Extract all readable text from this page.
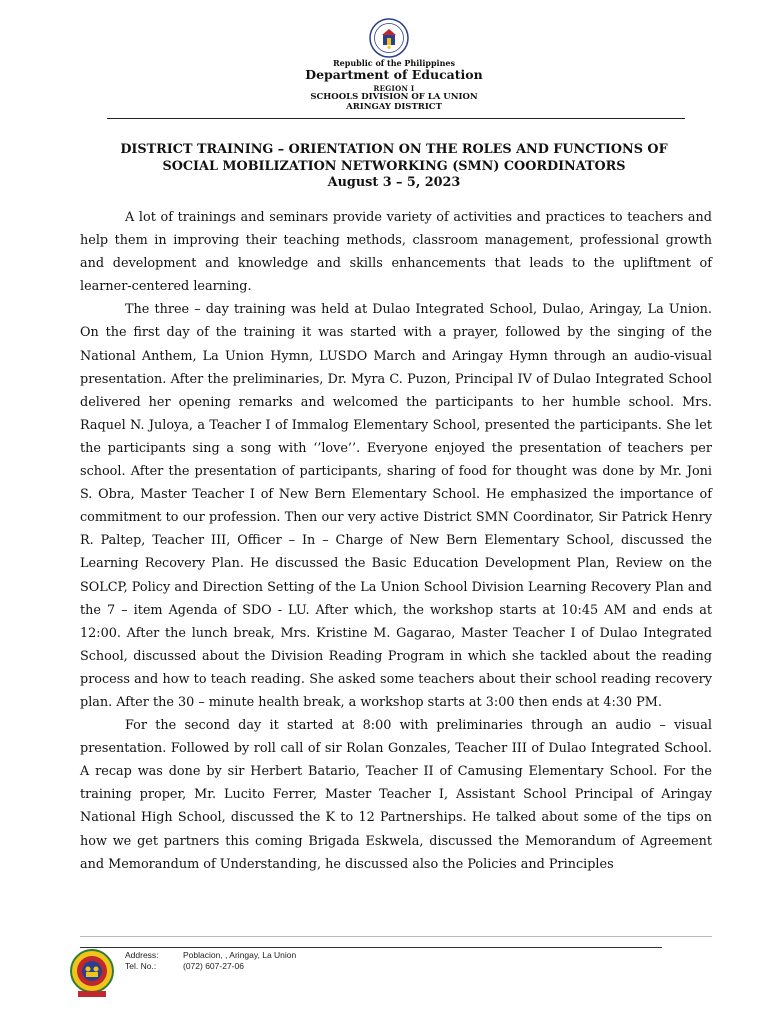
Republic of the Philippines
Department of Education
REGION I
SCHOOLS DIVISION OF LA UNION
ARINGAY DISTRICT
DISTRICT TRAINING – ORIENTATION ON THE ROLES AND FUNCTIONS OF
SOCIAL MOBILIZATION NETWORKING (SMN) COORDINATORS
August 3 – 5, 2023

A lot of trainings and seminars provide variety of activities and practices to teachers and help them in improving their teaching methods, classroom management, professional growth and development and knowledge and skills enhancements that leads to the upliftment of learner-centered learning.

The three – day training was held at Dulao Integrated School, Dulao, Aringay, La Union. On the first day of the training it was started with a prayer, followed by the singing of the National Anthem, La Union Hymn, LUSDO March and Aringay Hymn through an audio-visual presentation. After the preliminaries, Dr. Myra C. Puzon, Principal IV of Dulao Integrated School delivered her opening remarks and welcomed the participants to her humble school. Mrs. Raquel N. Juloya, a Teacher I of Immalog Elementary School, presented the participants. She let the participants sing a song with ‘’love’’. Everyone enjoyed the presentation of teachers per school. After the presentation of participants, sharing of food for thought was done by Mr. Joni S. Obra, Master Teacher I of New Bern Elementary School. He emphasized the importance of commitment to our profession. Then our very active District SMN Coordinator, Sir Patrick Henry R. Paltep, Teacher III, Officer – In – Charge of New Bern Elementary School, discussed the Learning Recovery Plan. He discussed the Basic Education Development Plan, Review on the SOLCP, Policy and Direction Setting of the La Union School Division Learning Recovery Plan and the 7 – item Agenda of SDO - LU. After which, the workshop starts at 10:45 AM and ends at 12:00. After the lunch break, Mrs. Kristine M. Gagarao, Master Teacher I of Dulao Integrated School, discussed about the Division Reading Program in which she tackled about the reading process and how to teach reading. She asked some teachers about their school reading recovery plan. After the 30 – minute health break, a workshop starts at 3:00 then ends at 4:30 PM.

For the second day it started at 8:00 with preliminaries through an audio – visual presentation. Followed by roll call of sir Rolan Gonzales, Teacher III of Dulao Integrated School. A recap was done by sir Herbert Batario, Teacher II of Camusing Elementary School. For the training proper, Mr. Lucito Ferrer, Master Teacher I, Assistant School Principal of Aringay National High School, discussed the K to 12 Partnerships. He talked about some of the tips on how we get partners this coming Brigada Eskwela, discussed the Memorandum of Agreement and Memorandum of Understanding, he discussed also the Policies and Principles

Address:	Poblacion, , Aringay, La Union
Tel. No.:	(072) 607-27-06
